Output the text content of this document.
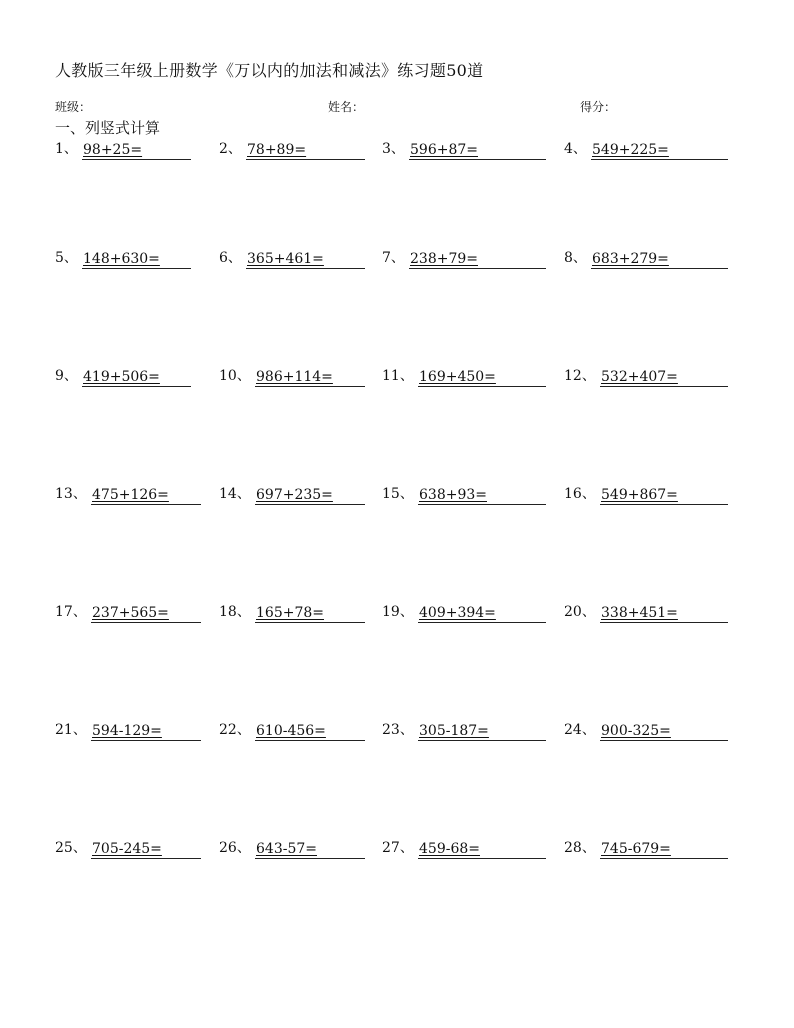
人教版三年级上册数学《万以内的加法和减法》练习题50道
班级：	姓名：	得分：
一、列竖式计算
1、 98+25=	2、 78+89=	3、 596+87=	4、 549+225=
5、 148+630=	6、 365+461=	7、 238+79=	8、 683+279=
9、 419+506=	10、 986+114=	11、 169+450=	12、 532+407=
13、 475+126=	14、 697+235=	15、 638+93=	16、 549+867=
17、 237+565=	18、 165+78=	19、 409+394=	20、 338+451=
21、 594-129=	22、 610-456=	23、 305-187=	24、 900-325=
25、 705-245=	26、 643-57=	27、 459-68=	28、 745-679=
